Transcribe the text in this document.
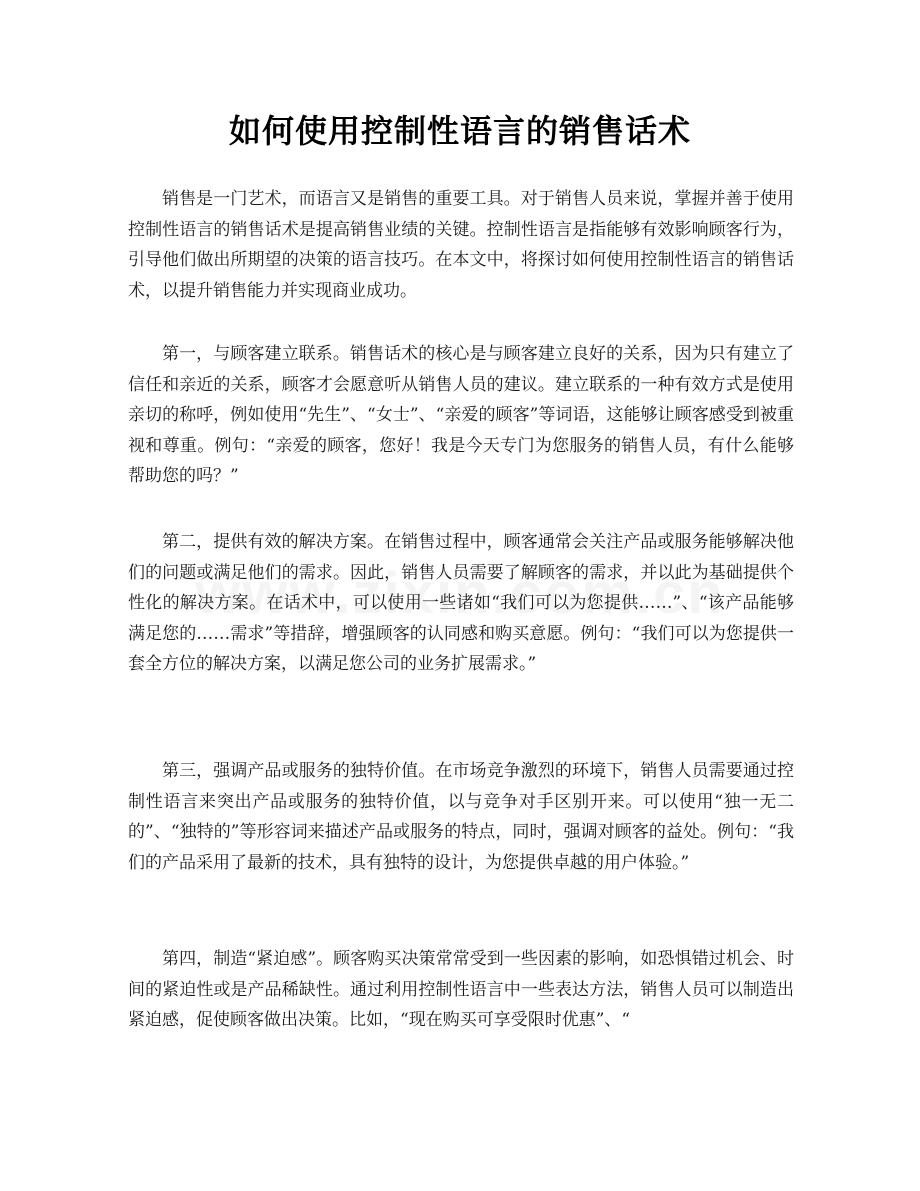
如何使用控制性语言的销售话术

销售是一门艺术，而语言又是销售的重要工具。对于销售人员来说，掌握并善于使用控制性语言的销售话术是提高销售业绩的关键。控制性语言是指能够有效影响顾客行为，引导他们做出所期望的决策的语言技巧。在本文中，将探讨如何使用控制性语言的销售话术，以提升销售能力并实现商业成功。

第一，与顾客建立联系。销售话术的核心是与顾客建立良好的关系，因为只有建立了信任和亲近的关系，顾客才会愿意听从销售人员的建议。建立联系的一种有效方式是使用亲切的称呼，例如使用“先生”、“女士”、“亲爱的顾客”等词语，这能够让顾客感受到被重视和尊重。例句：“亲爱的顾客，您好！我是今天专门为您服务的销售人员，有什么能够帮助您的吗？”

第二，提供有效的解决方案。在销售过程中，顾客通常会关注产品或服务能够解决他们的问题或满足他们的需求。因此，销售人员需要了解顾客的需求，并以此为基础提供个性化的解决方案。在话术中，可以使用一些诸如“我们可以为您提供……”、“该产品能够满足您的……需求”等措辞，增强顾客的认同感和购买意愿。例句：“我们可以为您提供一套全方位的解决方案，以满足您公司的业务扩展需求。”

第三，强调产品或服务的独特价值。在市场竞争激烈的环境下，销售人员需要通过控制性语言来突出产品或服务的独特价值，以与竞争对手区别开来。可以使用“独一无二的”、“独特的”等形容词来描述产品或服务的特点，同时，强调对顾客的益处。例句：“我们的产品采用了最新的技术，具有独特的设计，为您提供卓越的用户体验。”

第四，制造“紧迫感”。顾客购买决策常常受到一些因素的影响，如恐惧错过机会、时间的紧迫性或是产品稀缺性。通过利用控制性语言中一些表达方法，销售人员可以制造出紧迫感，促使顾客做出决策。比如，“现在购买可享受限时优惠”、“
